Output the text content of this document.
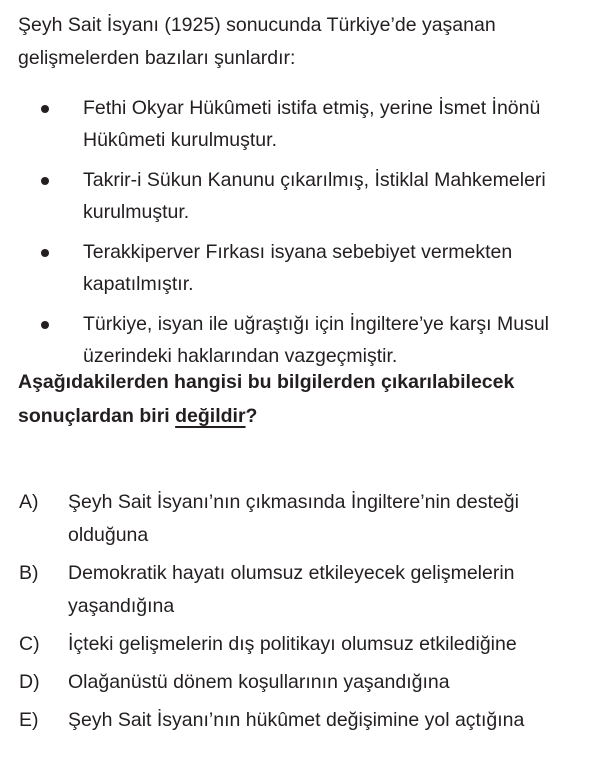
Şeyh Sait İsyanı (1925) sonucunda Türkiye’de yaşanan gelişmelerden bazıları şunlardır:

Fethi Okyar Hükûmeti istifa etmiş, yerine İsmet İnönü Hükûmeti kurulmuştur.
Takrir-i Sükun Kanunu çıkarılmış, İstiklal Mahkemeleri kurulmuştur.
Terakkiperver Fırkası isyana sebebiyet vermekten kapatılmıştır.
Türkiye, isyan ile uğraştığı için İngiltere’ye karşı Musul üzerindeki haklarından vazgeçmiştir.

Aşağıdakilerden hangisi bu bilgilerden çıkarılabilecek sonuçlardan biri değildir?

A) Şeyh Sait İsyanı’nın çıkmasında İngiltere’nin desteği olduğuna
B) Demokratik hayatı olumsuz etkileyecek gelişmelerin yaşandığına
C) İçteki gelişmelerin dış politikayı olumsuz etkilediğine
D) Olağanüstü dönem koşullarının yaşandığına
E) Şeyh Sait İsyanı’nın hükûmet değişimine yol açtığına
